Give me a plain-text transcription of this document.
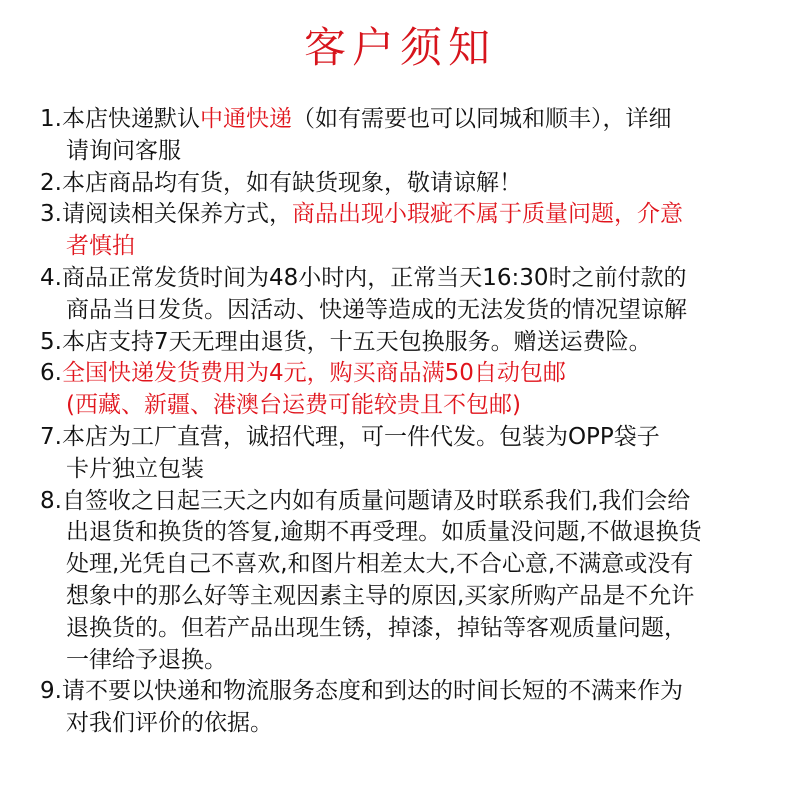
客户须知
1.本店快递默认中通快递（如有需要也可以同城和顺丰），详细
请询问客服
2.本店商品均有货，如有缺货现象，敬请谅解！
3.请阅读相关保养方式，商品出现小瑕疵不属于质量问题，介意
者慎拍
4.商品正常发货时间为48小时内，正常当天16:30时之前付款的
商品当日发货。因活动、快递等造成的无法发货的情况望谅解
5.本店支持7天无理由退货，十五天包换服务。赠送运费险。
6.全国快递发货费用为4元，购买商品满50自动包邮
(西藏、新疆、港澳台运费可能较贵且不包邮)
7.本店为工厂直营，诚招代理，可一件代发。包装为OPP袋子
卡片独立包装
8.自签收之日起三天之内如有质量问题请及时联系我们,我们会给
出退货和换货的答复,逾期不再受理。如质量没问题,不做退换货
处理,光凭自己不喜欢,和图片相差太大,不合心意,不满意或没有
想象中的那么好等主观因素主导的原因,买家所购产品是不允许
退换货的。但若产品出现生锈，掉漆，掉钻等客观质量问题，
一律给予退换。
9.请不要以快递和物流服务态度和到达的时间长短的不满来作为
对我们评价的依据。
